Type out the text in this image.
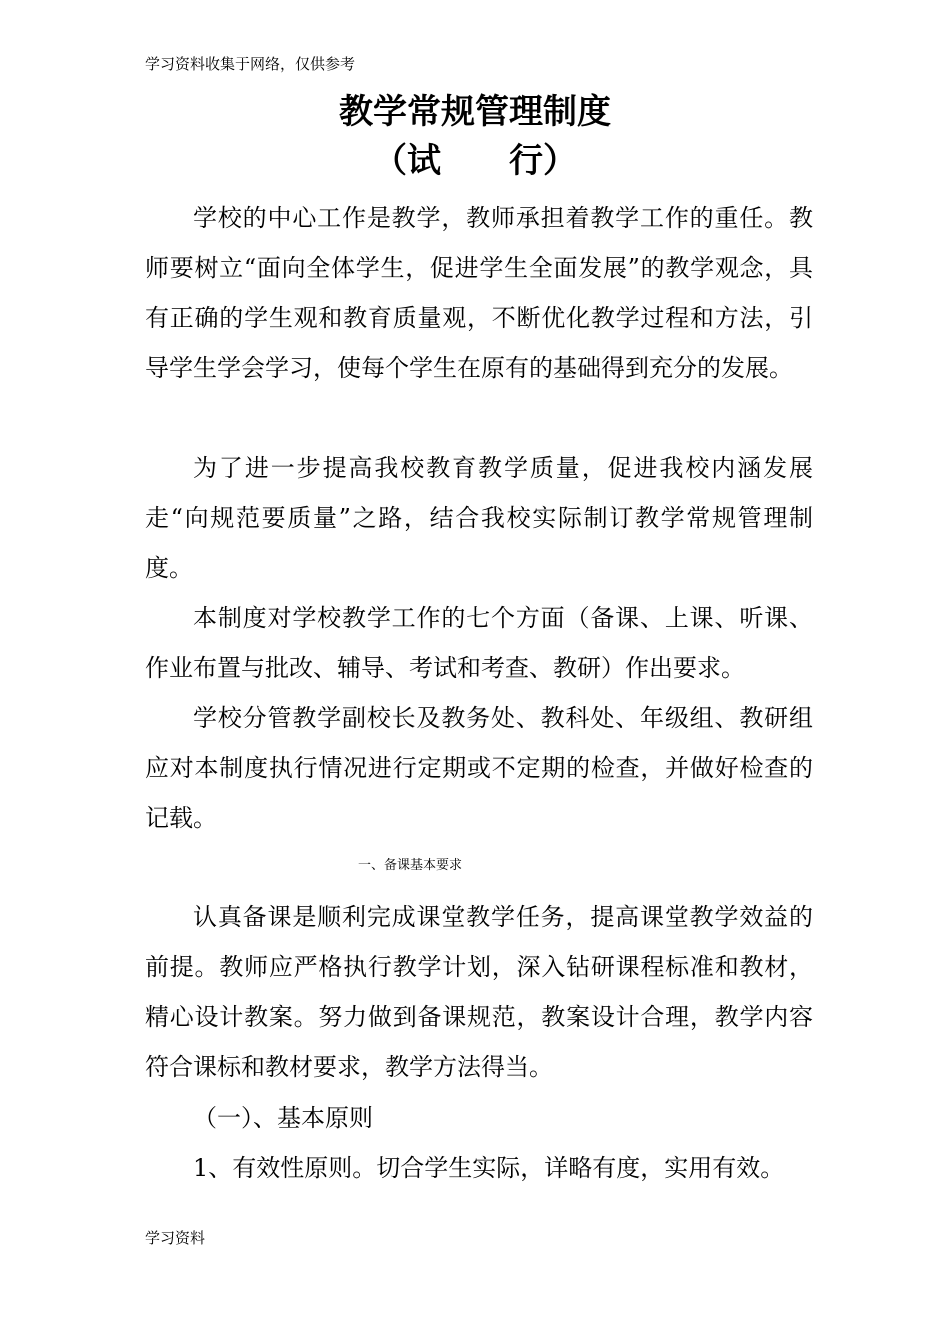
学习资料收集于网络，仅供参考
教学常规管理制度
（试　　行）

学校的中心工作是教学，教师承担着教学工作的重任。教师要树立“面向全体学生，促进学生全面发展”的教学观念，具有正确的学生观和教育质量观，不断优化教学过程和方法，引导学生学会学习，使每个学生在原有的基础得到充分的发展。

为了进一步提高我校教育教学质量，促进我校内涵发展走“向规范要质量”之路，结合我校实际制订教学常规管理制度。

本制度对学校教学工作的七个方面（备课、上课、听课、作业布置与批改、辅导、考试和考查、教研）作出要求。

学校分管教学副校长及教务处、教科处、年级组、教研组应对本制度执行情况进行定期或不定期的检查，并做好检查的记载。

一、备课基本要求

认真备课是顺利完成课堂教学任务，提高课堂教学效益的前提。教师应严格执行教学计划，深入钻研课程标准和教材，精心设计教案。努力做到备课规范，教案设计合理，教学内容符合课标和教材要求，教学方法得当。

（一）、基本原则
1、有效性原则。切合学生实际，详略有度，实用有效。
学习资料
